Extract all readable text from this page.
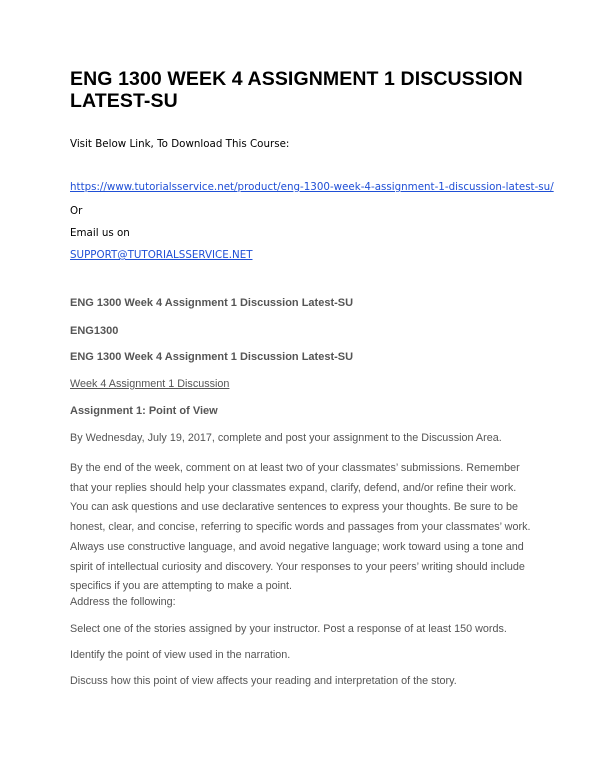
ENG 1300 WEEK 4 ASSIGNMENT 1 DISCUSSION LATEST-SU
Visit Below Link, To Download This Course:
https://www.tutorialsservice.net/product/eng-1300-week-4-assignment-1-discussion-latest-su/
Or
Email us on
SUPPORT@TUTORIALSSERVICE.NET
ENG 1300 Week 4 Assignment 1 Discussion Latest-SU
ENG1300
ENG 1300 Week 4 Assignment 1 Discussion Latest-SU
Week 4 Assignment 1 Discussion
Assignment 1: Point of View
By Wednesday, July 19, 2017, complete and post your assignment to the Discussion Area.
By the end of the week, comment on at least two of your classmates’ submissions. Remember that your replies should help your classmates expand, clarify, defend, and/or refine their work. You can ask questions and use declarative sentences to express your thoughts. Be sure to be honest, clear, and concise, referring to specific words and passages from your classmates’ work. Always use constructive language, and avoid negative language; work toward using a tone and spirit of intellectual curiosity and discovery. Your responses to your peers’ writing should include specifics if you are attempting to make a point.
Address the following:
Select one of the stories assigned by your instructor. Post a response of at least 150 words.
Identify the point of view used in the narration.
Discuss how this point of view affects your reading and interpretation of the story.
